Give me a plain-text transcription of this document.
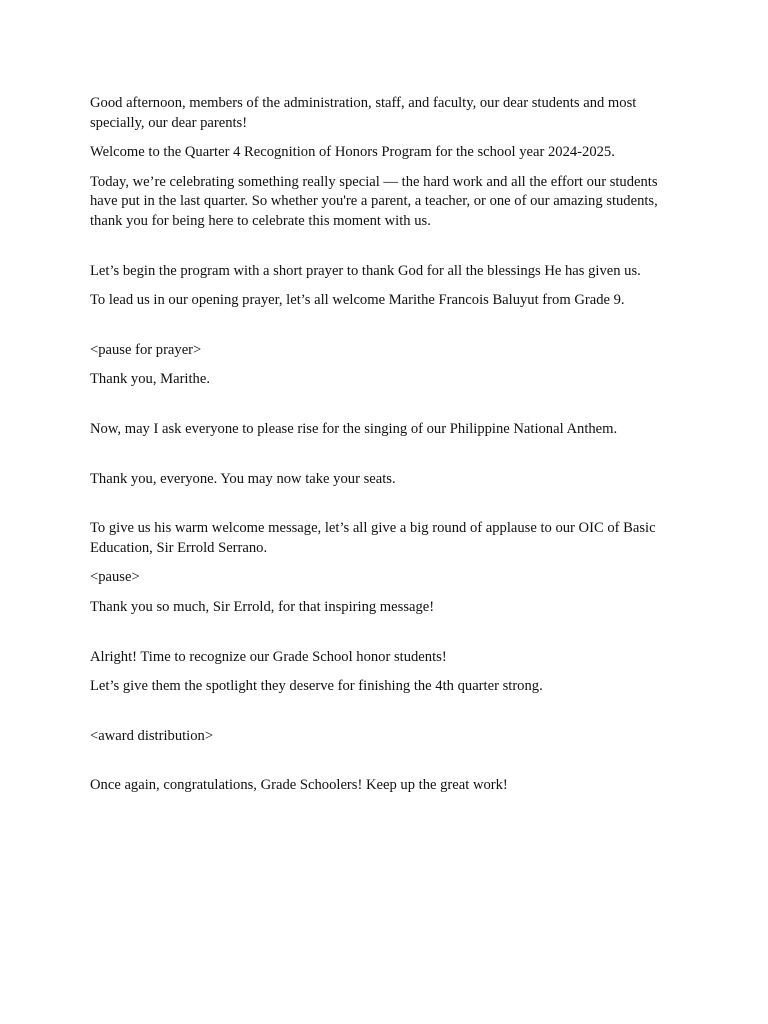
Good afternoon, members of the administration, staff, and faculty, our dear students and most specially, our dear parents!

Welcome to the Quarter 4 Recognition of Honors Program for the school year 2024-2025.

Today, we’re celebrating something really special — the hard work and all the effort our students have put in the last quarter. So whether you're a parent, a teacher, or one of our amazing students, thank you for being here to celebrate this moment with us.

Let’s begin the program with a short prayer to thank God for all the blessings He has given us.

To lead us in our opening prayer, let’s all welcome Marithe Francois Baluyut from Grade 9.

<pause for prayer>

Thank you, Marithe.

Now, may I ask everyone to please rise for the singing of our Philippine National Anthem.

Thank you, everyone. You may now take your seats.

To give us his warm welcome message, let’s all give a big round of applause to our OIC of Basic Education, Sir Errold Serrano.

<pause>

Thank you so much, Sir Errold, for that inspiring message!

Alright! Time to recognize our Grade School honor students!

Let’s give them the spotlight they deserve for finishing the 4th quarter strong.

<award distribution>

Once again, congratulations, Grade Schoolers! Keep up the great work!
